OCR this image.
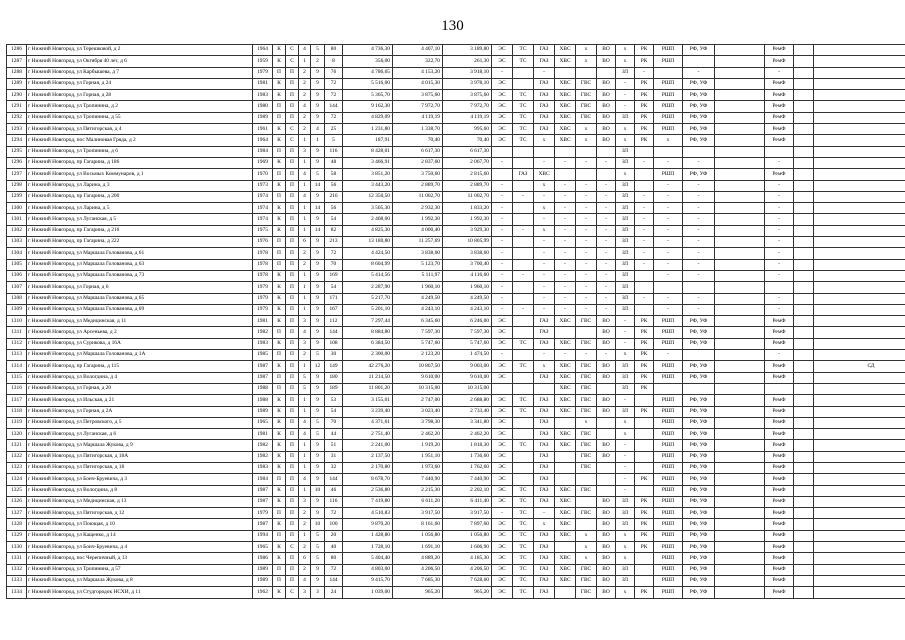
130
1286	г Нижний Новгород, ул Терешковой, д 2	1964	К	С	4	5	80	4 736,30	4 407,10	3 189,80	ЭС	ТС	ГАЗ	ХВС	х	ВО	х	РК	РШП	РФ, УФ		РемФ		
1287	г Нижний Новгород, ул Октября 40 лет, д 6	1959	К	С	1	2	8	356,00	322,70	261,30	ЭС	ТС	ГАЗ	ХВС	х	ВО	х	РК	РШП			РемФ		
1288	г Нижний Новгород, ул Карбышева, д 7	1979	П	П	2	9	76	4 786,65	4 153,20	3 918,10	-		-				ЗЛ	-		-		-		
1289	г Нижний Новгород, ул Горная, д 24	1981	К	П	2	9	72	5 516,00	4 015,30	3 978,10	ЭС		ГАЗ	ХВС	ГВС	ВО	-	РК	РШП	РФ, УФ		РемФ		
1290	г Нижний Новгород, ул Горная, д 28	1983	К	П	2	9	72	5 365,70	3 875,60	3 875,60	ЭС	ТС	ГАЗ	ХВС	ГВС	ВО	-	РК	РШП	РФ, УФ		РемФ		
1291	г Нижний Новгород, ул Тропинина, д 2	1980	П	П	4	9	144	9 162,30	7 972,70	7 972,70	ЭС	ТС	ГАЗ	ХВС	ГВС	ВО	-	РК	РШП	РФ, УФ		РемФ		
1292	г Нижний Новгород, ул Тропинина, д 55	1989	П	П	2	9	72	4 829,09	4 119,19	4 119,19	ЭС	ТС	ГАЗ	ХВС	ГВС	ВО	ЗЛ	РК	РШП	РФ, УФ		РемФ		
1293	г Нижний Новгород, ул Пятигорская, д 4	1961	К	С	2	4	25	1 231,80	1 338,70	995,60	ЭС	ТС	ГАЗ	ХВС	х	ВО	х	РК	РШП	РФ, УФ		РемФ		
1294	г Нижний Новгород, пос Малиновая Гряда, д 2	1964	К	С	1	1	5	187,91	70,40	70,40	ЭС	ТС	х	ХВС	х	ВО	х	РК	х	РФ, УФ		РемФ		
1295	г Нижний Новгород, ул Тропинина, д 6	1984	П	П	3	9	116	8 428,01	6 617,30	6 617,30							ЗЛ							
1296	г Нижний Новгород, пр Гагарина, д 186	1969	К	П	1	9	48	3 466,91	2 837,60	2 067,70	-		-	-	-	-	ЗЛ	-	-	-		-		
1297	г Нижний Новгород, ул Восьмых Коммунаров, д 1	1970	П	П	4	5	58	3 851,20	3 750,60	2 815,60		ГАЗ	ХВС				х		РШП	РФ, УФ		РемФ		
1298	г Нижний Новгород, ул Ларина, д 3	1973	К	П	1	14	56	3 443,20	2 889,70	2 889,70	-		х	-	-	-	ЗЛ		-	-		-		
1299	г Нижний Новгород, пр Гагарина, д 200	1974	П	П	4	9	216	12 350,50	11 002,70	11 002,70	-	-	-	-	-	-	ЗЛ	-	-	-		-		
1300	г Нижний Новгород, ул Ларина, д 5	1974	К	П	1	14	56	3 505,30	2 932,30	1 833,20	-		х	-	-	-	ЗЛ	-	-	-		-		
1301	г Нижний Новгород, ул Луганская, д 5	1974	К	П	1	9	54	2 468,00	1 992,30	1 992,30	-		-	-	-	-	ЗЛ	-	-	-		-		
1302	г Нижний Новгород, пр Гагарина, д 216	1975	К	П	1	14	82	4 825,30	4 000,40	3 929,30	-	-	х	-	-	-	ЗЛ	-	-	-		-		
1303	г Нижний Новгород, пр Гагарина, д 222	1976	П	П	6	9	213	13 180,80	11 257,69	10 805,99	-		-	-	-	-	ЗЛ	-	-	-		-		
1304	г Нижний Новгород, ул Маршала Голованова, д 61	1978	П	П	2	9	72	4 424,50	3 838,60	3 838,60	-		-	-	-	-	ЗЛ	-	-	-		-		
1305	г Нижний Новгород, ул Маршала Голованова, д 63	1978	П	П	2	9	70	8 604,99	5 123,70	3 700,40	-		-	-	-	-	ЗЛ	-	-	-		-		
1306	г Нижний Новгород, ул Маршала Голованова, д 73	1978	К	П	1	9	169	5 414,56	5 111,97	4 116,60	-	-	-	-	-	-	ЗЛ		-	-		-		
1307	г Нижний Новгород, ул Горная, д 6	1979	К	П	1	9	54	2 287,90	1 960,10	1 960,10	-		-	-	-	-	ЗЛ							
1308	г Нижний Новгород, ул Маршала Голованова, д 65	1979	К	П	1	9	171	5 217,70	4 249,50	4 249,50	-		-	-	-	-	ЗЛ	-	-	-		-		
1309	г Нижний Новгород, ул Маршала Голованова, д 69	1979	К	П	1	9	167	5 201,10	4 243,10	4 243,10	-	-	-	-	-	-	ЗЛ		-	-		-		
1310	г Нижний Новгород, ул Медицинская, д 11	1981	К	П	3	9	112	7 297,44	6 345,60	6 246,00	ЭС		ГАЗ	ХВС	ГВС	ВО	-	РК	РШП	РФ, УФ		РемФ		
1311	г Нижний Новгород, ул Арсеньева, д 2	1982	П	П	4	9	144	8 884,80	7 597,30	7 597,30	ЭС		ГАЗ			ВО	-	РК	РШП	РФ, УФ		РемФ		
1312	г Нижний Новгород, ул Сурикова, д 16А	1983	К	П	3	9	108	6 384,50	5 747,60	5 747,60	ЭС	ТС	ГАЗ	ХВС	ГВС	ВО	-	РК	РШП	РФ, УФ		РемФ		
1313	г Нижний Новгород, ул Маршала Голованова, д 1А	1985	П	П	2	5	30	2 300,00	2 123,20	1 474,50	-		-	-	-	-	х	РК	-			-		
1314	г Нижний Новгород, пр Гагарина, д 115	1987	К	П	1	12	149	42 276,20	10 867,50	9 003,00	ЭС	ТС	х	ХВС	ГВС	ВО	ЗЛ	РК	РШП	РФ, УФ		РемФ		СД
1315	г Нижний Новгород, ул Вологдина, д 4	1987	П	П	5	9	180	11 214,50	9 610,00	9 610,00	ЭС		ГАЗ	ХВС	ГВС	ВО	ЗЛ	РК	РШП	РФ, УФ		РемФ		
1316	г Нижний Новгород, ул Горная, д 20	1988	П	П	5	9	189	11 801,20	10 315,00	10 315,00				ХВС	ГВС		ЗЛ	РК						
1317	г Нижний Новгород, ул Ильская, д 21	1988	К	П	1	9	53	3 155,01	2 747,00	2 688,80	ЭС	ТС	ГАЗ	ХВС	ГВС	ВО	-		РШП	РФ, УФ		РемФ		
1318	г Нижний Новгород, ул Горная, д 2А	1989	К	П	1	9	54	3 239,40	3 023,40	2 733,40	ЭС	ТС	ГАЗ	ХВС	ГВС	ВО	ЗЛ	РК	РШП	РФ, УФ		РемФ		
1319	г Нижний Новгород, ул Петровского, д 5	1965	К	П	4	5	70	4 371,61	3 798,30	3 341,80	ЭС		ГАЗ		х		х		РШП	РФ, УФ		РемФ		
1320	г Нижний Новгород, ул Луганская, д 6	1981	К	П	4	5	44	2 751,40	2 462,20	2 462,20	ЭС		ГАЗ	ХВС	ГВС		х		РШП	РФ, УФ		РемФ		
1321	г Нижний Новгород, ул Маршала Жукова, д 9	1982	К	П	1	9	51	2 241,00	1 919,20	1 818,30	ЭС	ТС	ГАЗ	ХВС	ГВС	ВО	-		РШП	РФ, УФ		РемФ		
1322	г Нижний Новгород, ул Пятигорская, д 18А	1982	К	П	1	9	31	2 137,50	1 951,10	1 736,60	ЭС		ГАЗ		ГВС	ВО	-		РШП	РФ, УФ		РемФ		
1323	г Нижний Новгород, ул Пятигорская, д 18	1983	К	П	1	9	32	2 170,80	1 973,60	1 762,60	ЭС		ГАЗ		ГВС		-		РШП	РФ, УФ		РемФ		
1324	г Нижний Новгород, ул Бонч-Бруевича, д 3	1984	П	П	4	9	144	8 678,70	7 440,90	7 440,90	ЭС		ГАЗ				-	РК	РШП	РФ, УФ		РемФ		
1325	г Нижний Новгород, ул Вологдина, д 8	1987	К	П	1	10	46	2 536,80	2 215,30	2 202,10	ЭС	ТС	ГАЗ	ХВС	ГВС		-		РШП	РФ, УФ		РемФ		
1326	г Нижний Новгород, ул Медицинская, д 13	1987	К	П	3	9	116	7 419,80	6 611,20	6 411,40	ЭС	ТС	ГАЗ	ХВС		ВО	ЗЛ	РК	РШП	РФ, УФ		РемФ		
1327	г Нижний Новгород, ул Пятигорская, д 12	1979	П	П	2	9	72	4 510,83	3 917,50	3 917,50	-	ТС	-	ХВС	ГВС	ВО	ЗЛ	РК	РШП	РФ, УФ		РемФ		
1328	г Нижний Новгород, ул Поющая, д 10	1987	К	П	2	10	100	9 870,20	8 161,60	7 897,60	ЭС	ТС	х	ХВС		ВО	ЗЛ	РК	РШП	РФ, УФ		РемФ		
1329	г Нижний Новгород, ул Кащенко, д 14	1994	П	П	1	5	20	1 428,80	1 056,80	1 056,80	ЭС	ТС	ГАЗ	ХВС	х	ВО	х	РК	РШП	РФ, УФ		РемФ		
1330	г Нижний Новгород, ул Бонч-Бруевича, д 4	1965	К	С	2	5	40	1 728,10	1 691,10	1 606,90	ЭС	ТС	ГАЗ		х	ВО	х	РК	РШП	РФ, УФ		РемФ		
1331	г Нижний Новгород, пос Черепичный, д 13	1986	К	П	6	5	80	5 404,40	4 889,20	4 185,30	ЭС	ТС	ГАЗ	ХВС	х	ВО	х		РШП	РФ, УФ		РемФ		
1332	г Нижний Новгород, ул Тропинина, д 57	1989	П	П	2	9	72	4 803,00	4 206,50	4 206,50	ЭС	ТС	ГАЗ	ХВС	ГВС	ВО	ЗЛ		РШП	РФ, УФ		РемФ		
1333	г Нижний Новгород, ул Маршала Жукова, д 8	1989	П	П	4	9	144	9 415,70	7 685,30	7 628,60	ЭС	ТС	ГАЗ	ХВС	ГВС	ВО	ЗЛ		РШП	РФ, УФ		РемФ		
1334	г Нижний Новгород, ул Студгородок НСХИ, д 11	1962	К	С	3	3	24	1 039,00	965,20	965,20	ЭС	ТС	ГАЗ		ГВС	ВО	х	РК	РШП	РФ, УФ		РемФ		
